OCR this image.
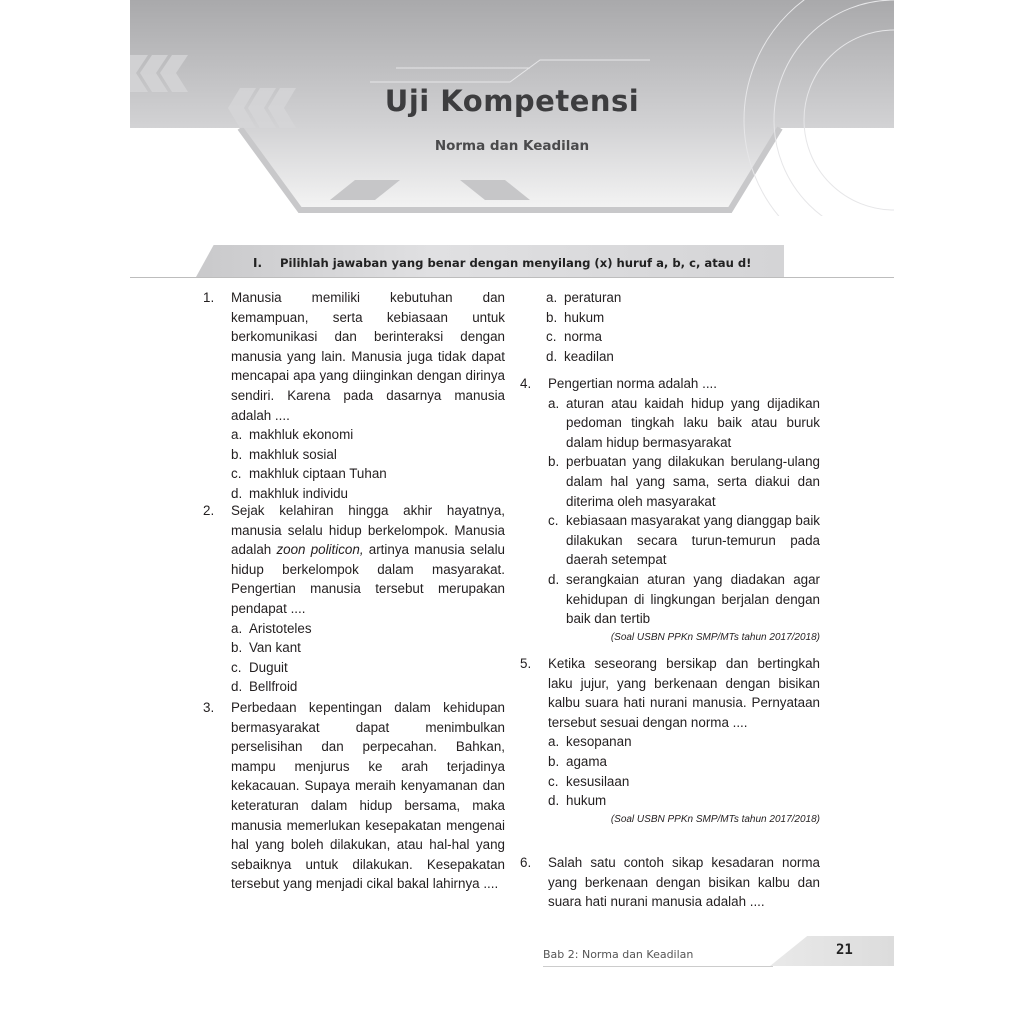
Uji Kompetensi
Norma dan Keadilan
I. Pilihlah jawaban yang benar dengan menyilang (x) huruf a, b, c, atau d!
1. Manusia memiliki kebutuhan dan kemampuan, serta kebiasaan untuk berkomunikasi dan berinteraksi dengan manusia yang lain. Manusia juga tidak dapat mencapai apa yang diinginkan dengan dirinya sendiri. Karena pada dasarnya manusia adalah ....
a. makhluk ekonomi
b. makhluk sosial
c. makhluk ciptaan Tuhan
d. makhluk individu
2. Sejak kelahiran hingga akhir hayatnya, manusia selalu hidup berkelompok. Manusia adalah zoon politicon, artinya manusia selalu hidup berkelompok dalam masyarakat. Pengertian manusia tersebut merupakan pendapat ....
a. Aristoteles
b. Van kant
c. Duguit
d. Bellfroid
3. Perbedaan kepentingan dalam kehidupan bermasyarakat dapat menimbulkan perselisihan dan perpecahan. Bahkan, mampu menjurus ke arah terjadinya kekacauan. Supaya meraih kenyamanan dan keteraturan dalam hidup bersama, maka manusia memerlukan kesepakatan mengenai hal yang boleh dilakukan, atau hal-hal yang sebaiknya untuk dilakukan. Kesepakatan tersebut yang menjadi cikal bakal lahirnya ....
a. peraturan
b. hukum
c. norma
d. keadilan
4. Pengertian norma adalah ....
a. aturan atau kaidah hidup yang dijadikan pedoman tingkah laku baik atau buruk dalam hidup bermasyarakat
b. perbuatan yang dilakukan berulang-ulang dalam hal yang sama, serta diakui dan diterima oleh masyarakat
c. kebiasaan masyarakat yang dianggap baik dilakukan secara turun-temurun pada daerah setempat
d. serangkaian aturan yang diadakan agar kehidupan di lingkungan berjalan dengan baik dan tertib
(Soal USBN PPKn SMP/MTs tahun 2017/2018)
5. Ketika seseorang bersikap dan bertingkah laku jujur, yang berkenaan dengan bisikan kalbu suara hati nurani manusia. Pernyataan tersebut sesuai dengan norma ....
a. kesopanan
b. agama
c. kesusilaan
d. hukum
(Soal USBN PPKn SMP/MTs tahun 2017/2018)
6. Salah satu contoh sikap kesadaran norma yang berkenaan dengan bisikan kalbu dan suara hati nurani manusia adalah ....
Bab 2: Norma dan Keadilan	21
